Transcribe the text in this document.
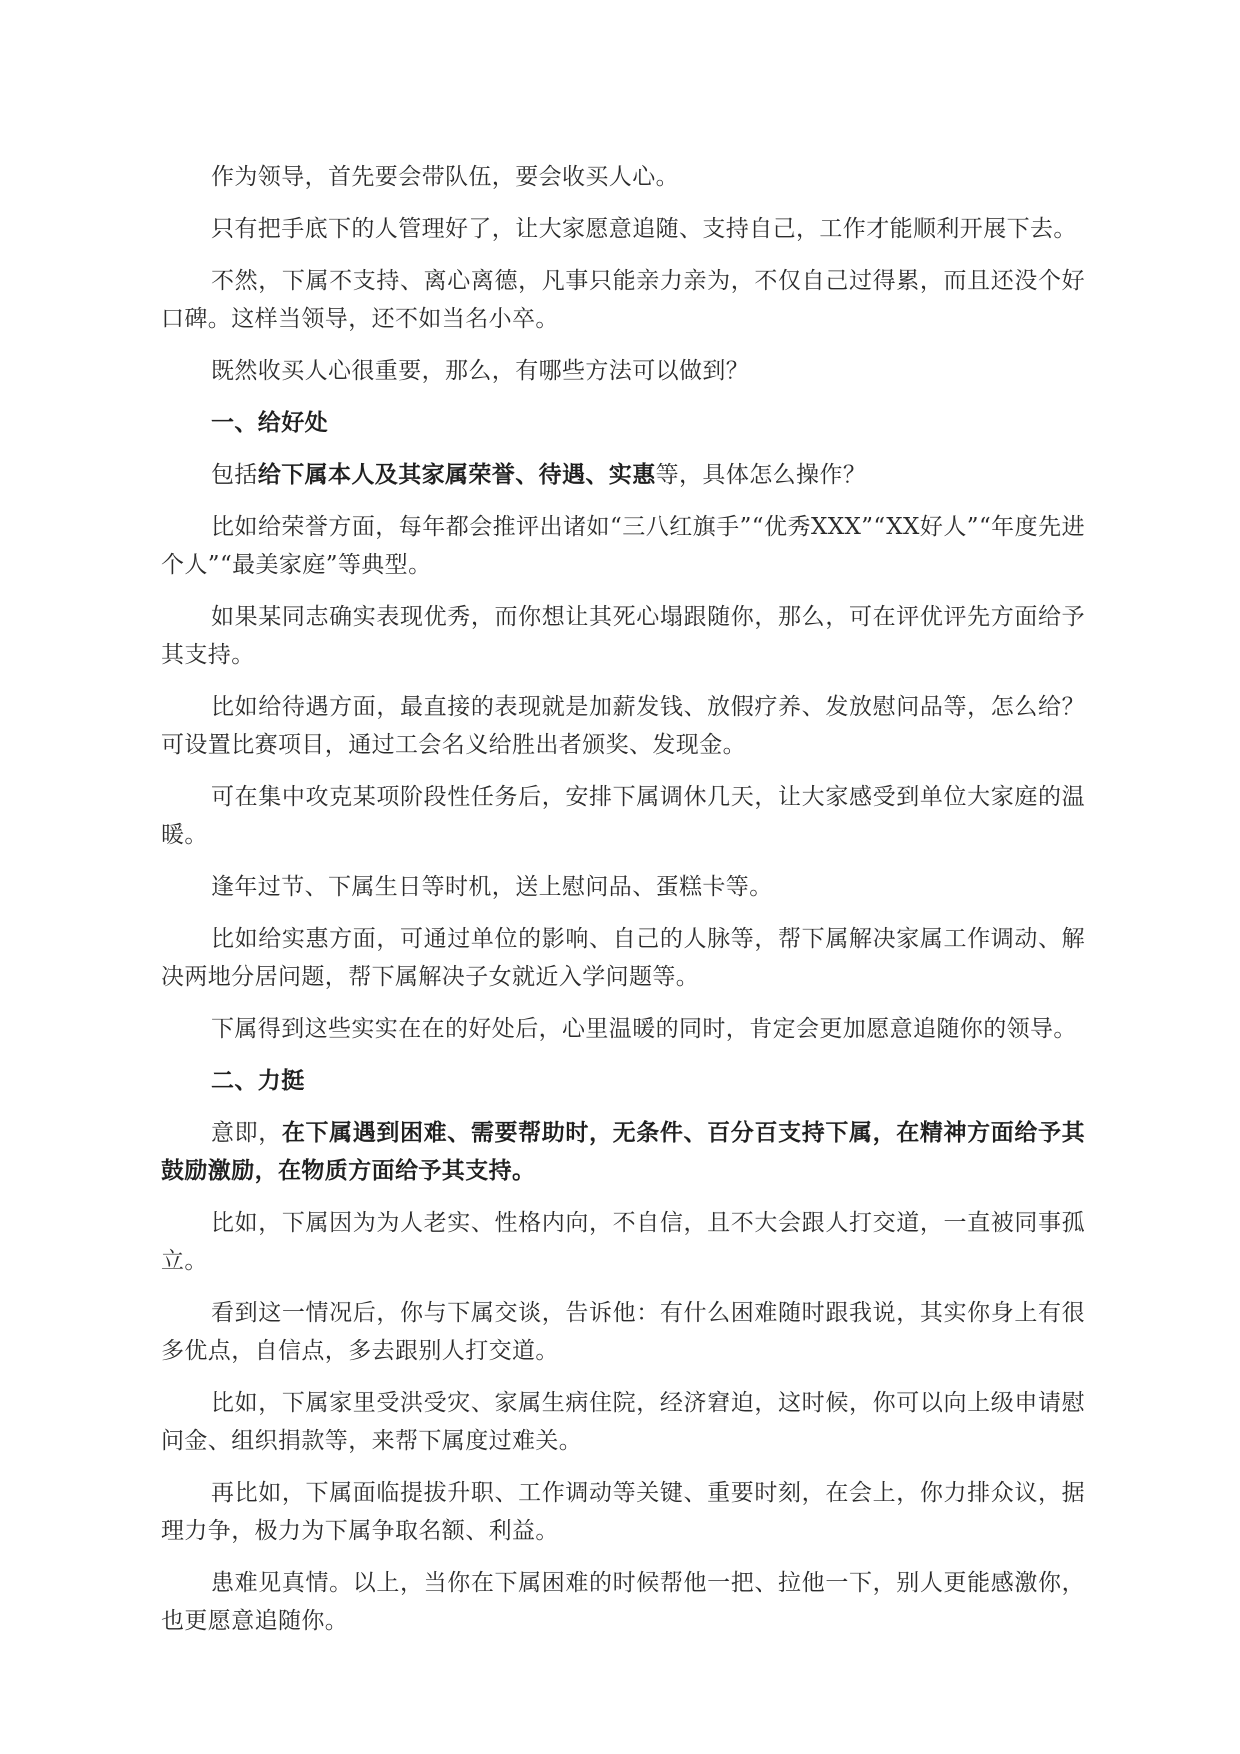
作为领导，首先要会带队伍，要会收买人心。

只有把手底下的人管理好了，让大家愿意追随、支持自己，工作才能顺利开展下去。

不然，下属不支持、离心离德，凡事只能亲力亲为，不仅自己过得累，而且还没个好口碑。这样当领导，还不如当名小卒。

既然收买人心很重要，那么，有哪些方法可以做到？

一、给好处

包括给下属本人及其家属荣誉、待遇、实惠等，具体怎么操作？

比如给荣誉方面，每年都会推评出诸如“三八红旗手”“优秀XXX”“XX好人”“年度先进个人”“最美家庭”等典型。

如果某同志确实表现优秀，而你想让其死心塌跟随你，那么，可在评优评先方面给予其支持。

比如给待遇方面，最直接的表现就是加薪发钱、放假疗养、发放慰问品等，怎么给？可设置比赛项目，通过工会名义给胜出者颁奖、发现金。

可在集中攻克某项阶段性任务后，安排下属调休几天，让大家感受到单位大家庭的温暖。

逢年过节、下属生日等时机，送上慰问品、蛋糕卡等。

比如给实惠方面，可通过单位的影响、自己的人脉等，帮下属解决家属工作调动、解决两地分居问题，帮下属解决子女就近入学问题等。

下属得到这些实实在在的好处后，心里温暖的同时，肯定会更加愿意追随你的领导。

二、力挺

意即，在下属遇到困难、需要帮助时，无条件、百分百支持下属，在精神方面给予其鼓励激励，在物质方面给予其支持。

比如，下属因为为人老实、性格内向，不自信，且不大会跟人打交道，一直被同事孤立。

看到这一情况后，你与下属交谈，告诉他：有什么困难随时跟我说，其实你身上有很多优点，自信点，多去跟别人打交道。

比如，下属家里受洪受灾、家属生病住院，经济窘迫，这时候，你可以向上级申请慰问金、组织捐款等，来帮下属度过难关。

再比如，下属面临提拔升职、工作调动等关键、重要时刻，在会上，你力排众议，据理力争，极力为下属争取名额、利益。

患难见真情。以上，当你在下属困难的时候帮他一把、拉他一下，别人更能感激你，也更愿意追随你。
